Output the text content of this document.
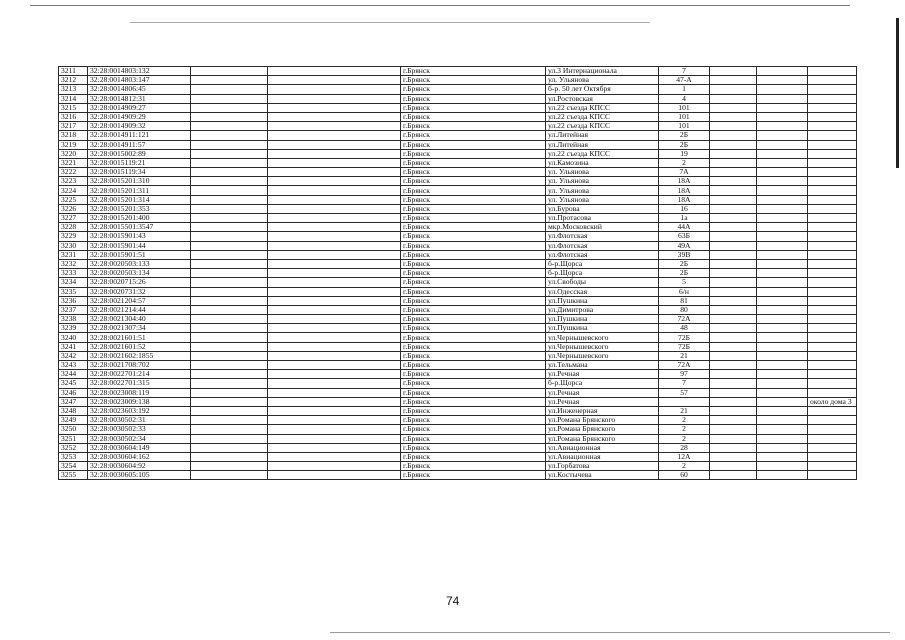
3211	32:28:0014803:132			г.Брянск	ул.3 Интернационала	7			
3212	32:28:0014803:147			г.Брянск	ул. Ульянова	47-А			
3213	32:28:0014806:45			г.Брянск	б-р. 50 лет Октября	1			
3214	32:28:0014812:31			г.Брянск	ул.Ростовская	4			
3215	32:28:0014909:27			г.Брянск	ул.22 съезда КПСС	101			
3216	32:28:0014909:29			г.Брянск	ул.22 съезда КПСС	101			
3217	32:28:0014909:32			г.Брянск	ул.22 съезда КПСС	101			
3218	32:28:0014911:121			г.Брянск	ул.Литейная	2Б			
3219	32:28:0014911:57			г.Брянск	ул.Литейная	2Б			
3220	32:28:0015002:89			г.Брянск	ул.22 съезда КПСС	19			
3221	32:28:0015119:21			г.Брянск	ул.Камозина	2			
3222	32:28:0015119:34			г.Брянск	ул. Ульянова	7А			
3223	32:28:0015201:310			г.Брянск	ул. Ульянова	18А			
3224	32:28:0015201:311			г.Брянск	ул. Ульянова	18А			
3225	32:28:0015201:314			г.Брянск	ул. Ульянова	18А			
3226	32:28:0015201:353			г.Брянск	ул.Бурова	16			
3227	32:28:0015201:400			г.Брянск	ул.Протасова	1а			
3228	32:28:0015501:3547			г.Брянск	мкр.Московский	44А			
3229	32:28:0015901:43			г.Брянск	ул.Флотская	63Б			
3230	32:28:0015901:44			г.Брянск	ул.Флотская	49А			
3231	32:28:0015901:51			г.Брянск	ул.Флотская	39В			
3232	32:28:0020503:133			г.Брянск	б-р.Щорса	2Б			
3233	32:28:0020503:134			г.Брянск	б-р.Щорса	2Б			
3234	32:28:0020715:26			г.Брянск	ул.Свободы	5			
3235	32:28:0020731:32			г.Брянск	ул.Одесская	6/н			
3236	32:28:0021204:57			г.Брянск	ул.Пушкина	81			
3237	32:28:0021214:44			г.Брянск	ул.Димитрова	80			
3238	32:28:0021304:40			г.Брянск	ул.Пушкина	72А			
3239	32:28:0021307:34			г.Брянск	ул.Пушкина	48			
3240	32:28:0021601:51			г.Брянск	ул.Чернышевского	72Б			
3241	32:28:0021601:52			г.Брянск	ул.Чернышевского	72Б			
3242	32:28:0021602:1855			г.Брянск	ул.Чернышевского	21			
3243	32:28:0021708:702			г.Брянск	ул.Тельмана	72А			
3244	32:28:0022701:214			г.Брянск	ул.Речная	97			
3245	32:28:0022701:315			г.Брянск	б-р.Щорса	7			
3246	32:28:0023008:119			г.Брянск	ул.Речная	57			
3247	32:28:0023009:138			г.Брянск	ул.Речная				около дома 3
3248	32:28:0023603:192			г.Брянск	ул.Инженерная	21			
3249	32:28:0030502:31			г.Брянск	ул.Романа Брянского	2			
3250	32:28:0030502:33			г.Брянск	ул.Романа Брянского	2			
3251	32:28:0030502:34			г.Брянск	ул.Романа Брянского	2			
3252	32:28:0030604:149			г.Брянск	ул.Авиационная	28			
3253	32:28:0030604:162			г.Брянск	ул.Авиационная	12А			
3254	32:28:0030604:92			г.Брянск	ул.Горбатова	2			
3255	32:28:0030605:105			г.Брянск	ул.Костычева	60			
74
